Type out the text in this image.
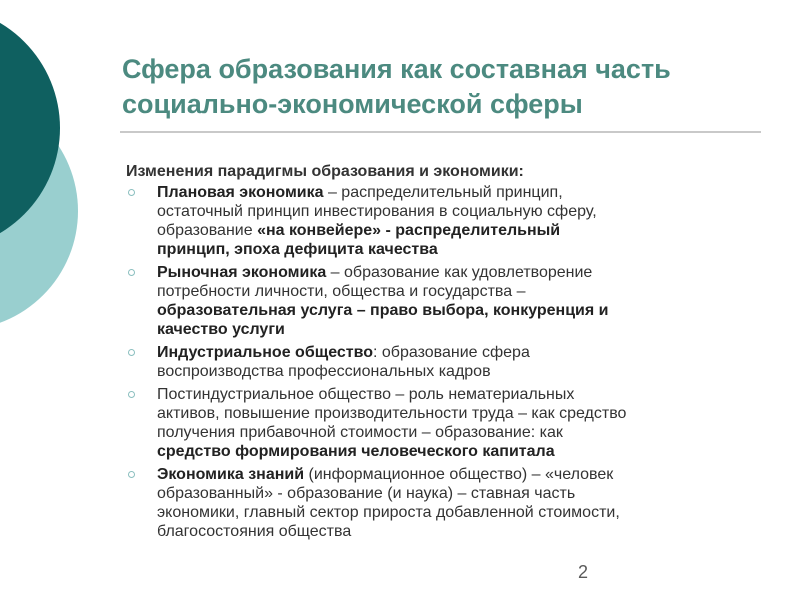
Сфера образования как составная часть
социально-экономической сферы

Изменения парадигмы образования и экономики:

Плановая экономика – распределительный принцип,
остаточный принцип инвестирования в социальную сферу,
образование «на конвейере» - распределительный
принцип, эпоха дефицита качества
Рыночная экономика – образование как удовлетворение
потребности личности, общества и государства –
образовательная услуга – право выбора, конкуренция и
качество услуги
Индустриальное общество: образование сфера
воспроизводства профессиональных кадров
Постиндустриальное общество – роль нематериальных
активов, повышение производительности труда – как средство
получения прибавочной стоимости – образование: как
средство формирования человеческого капитала
Экономика знаний (информационное общество) – «человек
образованный» - образование (и наука) – ставная часть
экономики, главный сектор прироста добавленной стоимости,
благосостояния общества
2
